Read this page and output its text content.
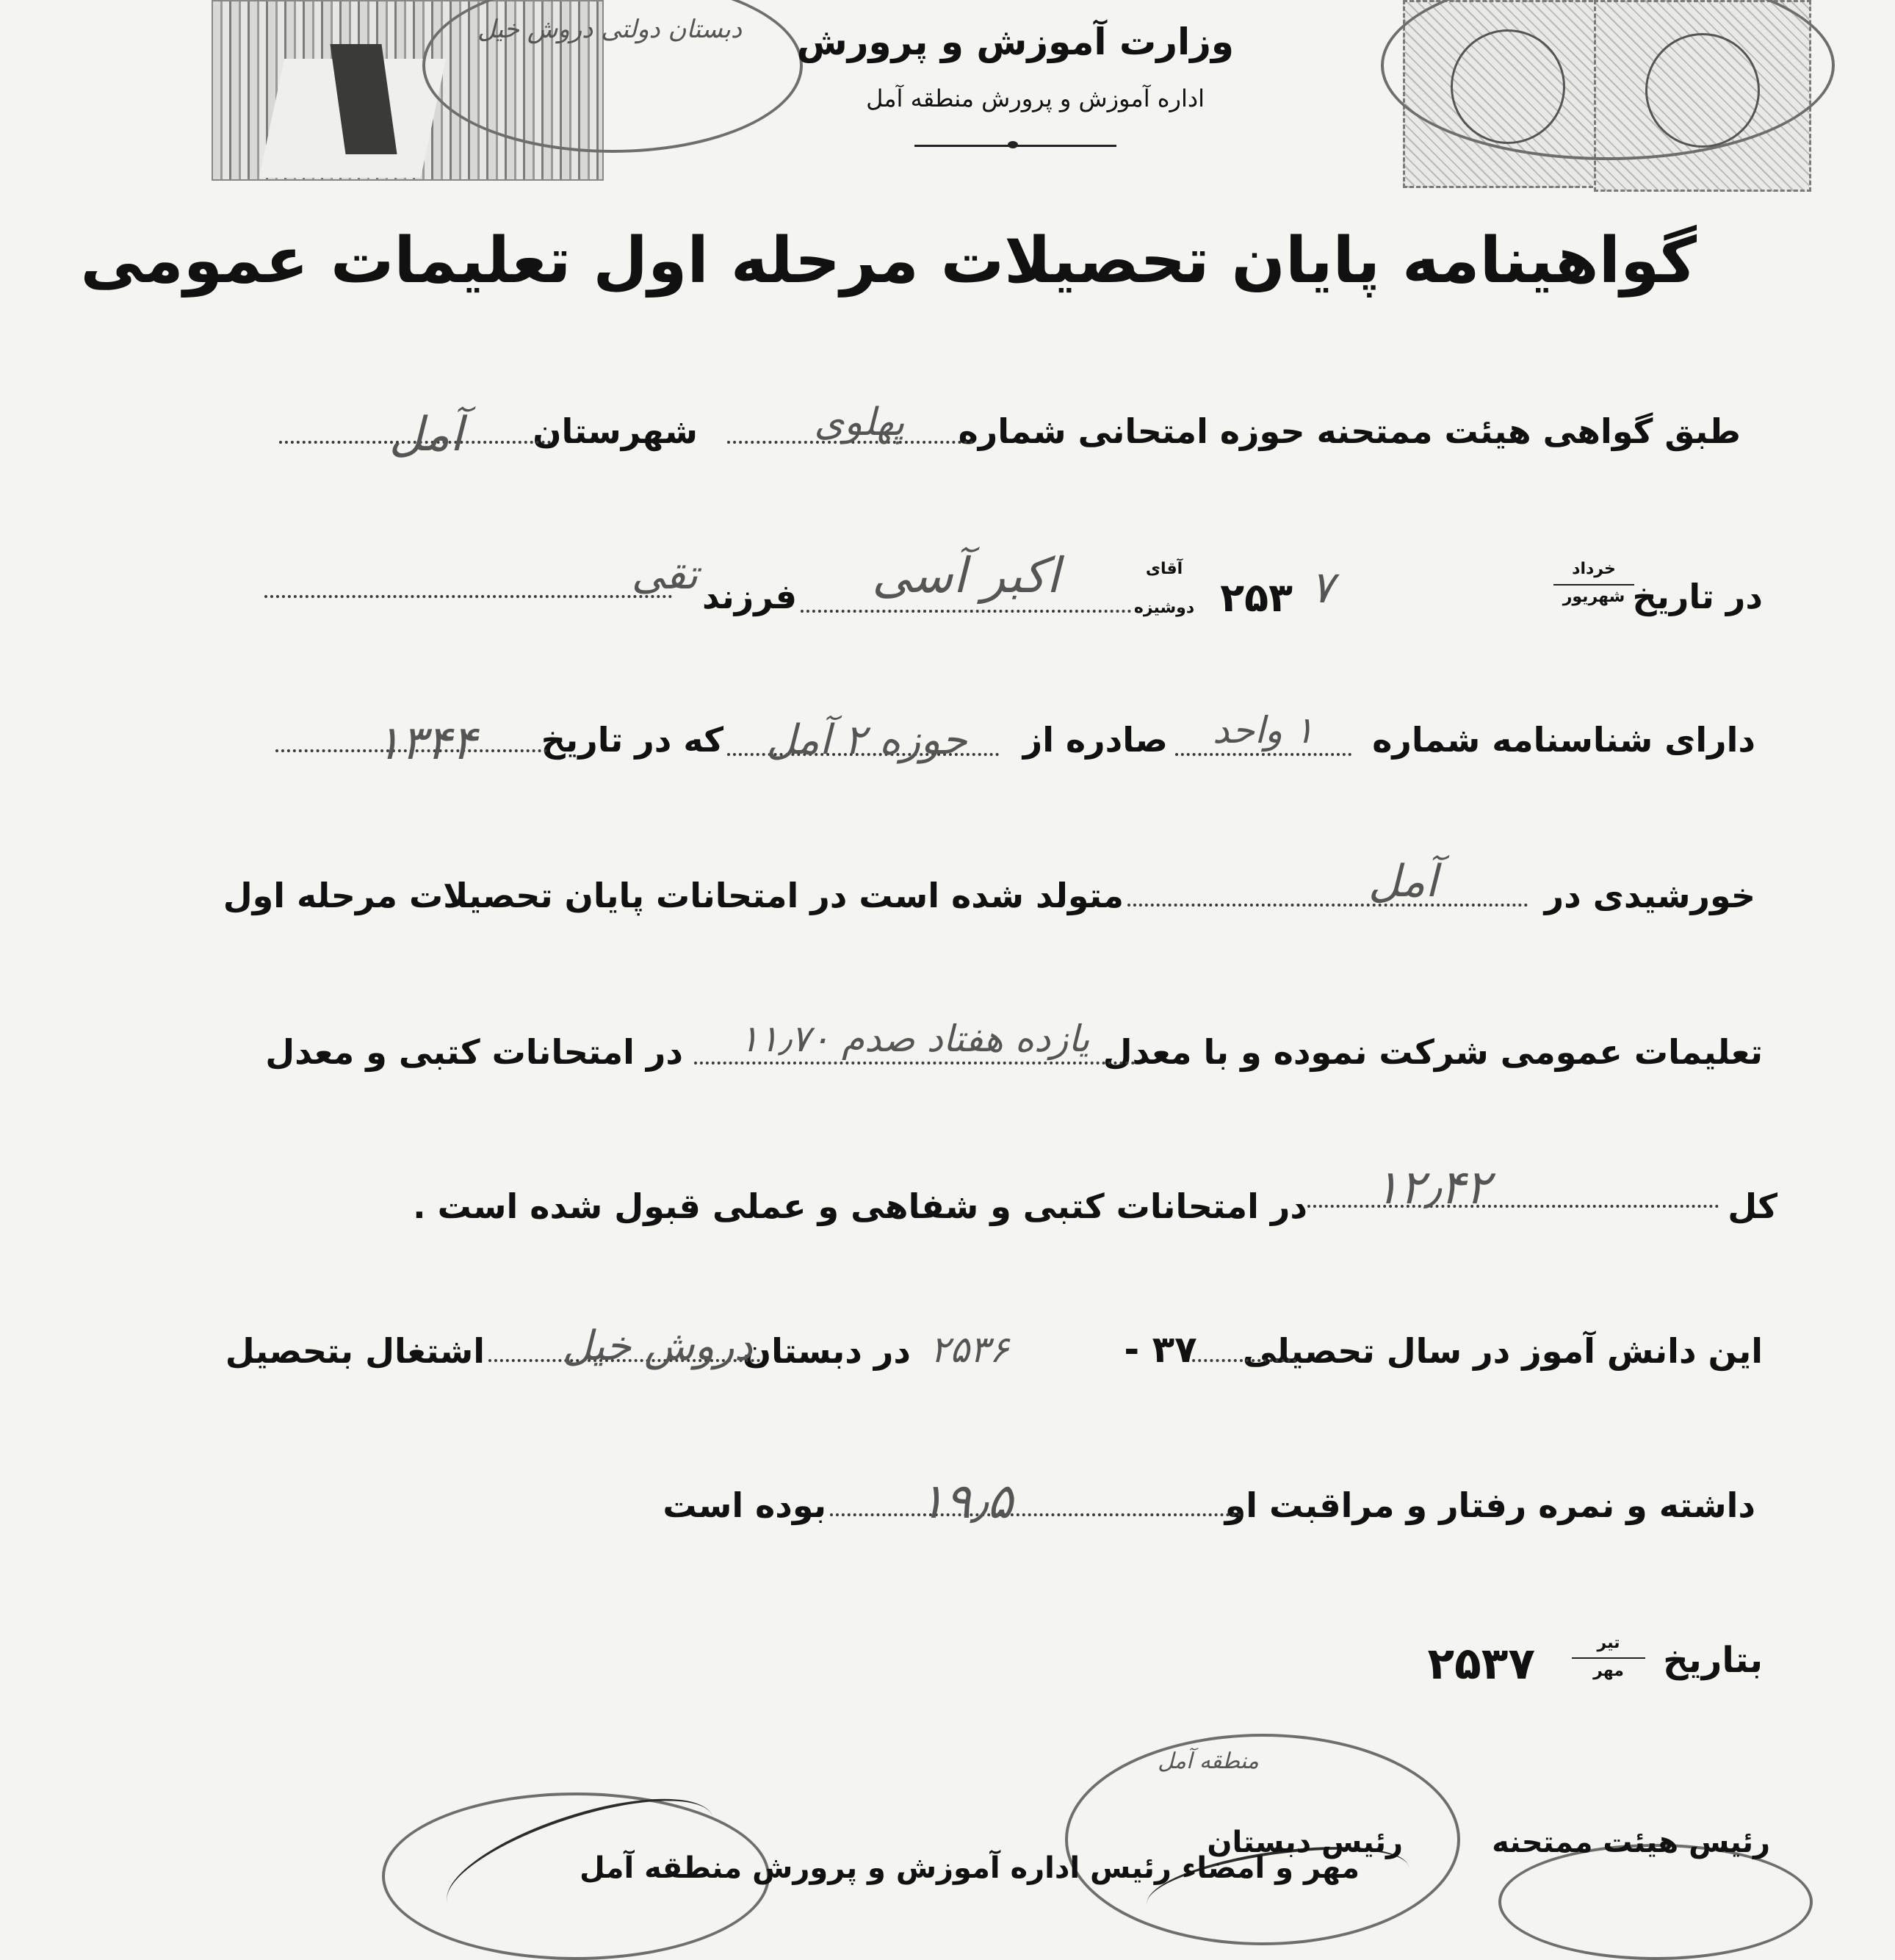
دبستان دولتی دروش خیل	وزارت آموزش و پرورش
اداره آموزش و پرورش منطقه آمل
گواهینامه پایان تحصیلات مرحله اول تعلیمات عمومی
طبق گواهی هیئت ممتحنه حوزه امتحانی شماره
پهلوی
شهرستان
آمل
در تاریخ
خرداد
شهریور
۷
۲۵۳
آقای
دوشیزه
اکبر آسی
فرزند
تقی
دارای شناسنامه شماره
۱ واحد
صادره از
حوزه ۲ آمل
که در تاریخ
۱۳۴۴
خورشیدی در
آمل
متولد شده است در امتحانات پایان تحصیلات مرحله اول
تعلیمات عمومی شرکت نموده و با معدل
یازده هفتاد صدم ۱۱٫۷۰
در امتحانات کتبی و معدل
کل
۱۲٫۴۲
در امتحانات کتبی و شفاهی و عملی قبول شده است .
این دانش آموز در سال تحصیلی
۳۷ -
۲۵۳۶
در دبستان
دروش خیل
اشتغال بتحصیل
داشته و نمره رفتار و مراقبت او
۱۹٫۵
بوده است
بتاریخ
تیر
مهر
۲۵۳۷
منطقه آمل
رئیس هیئت ممتحنه
رئیس دبستان
مهر و امضاء رئیس اداره آموزش و پرورش منطقه آمل
